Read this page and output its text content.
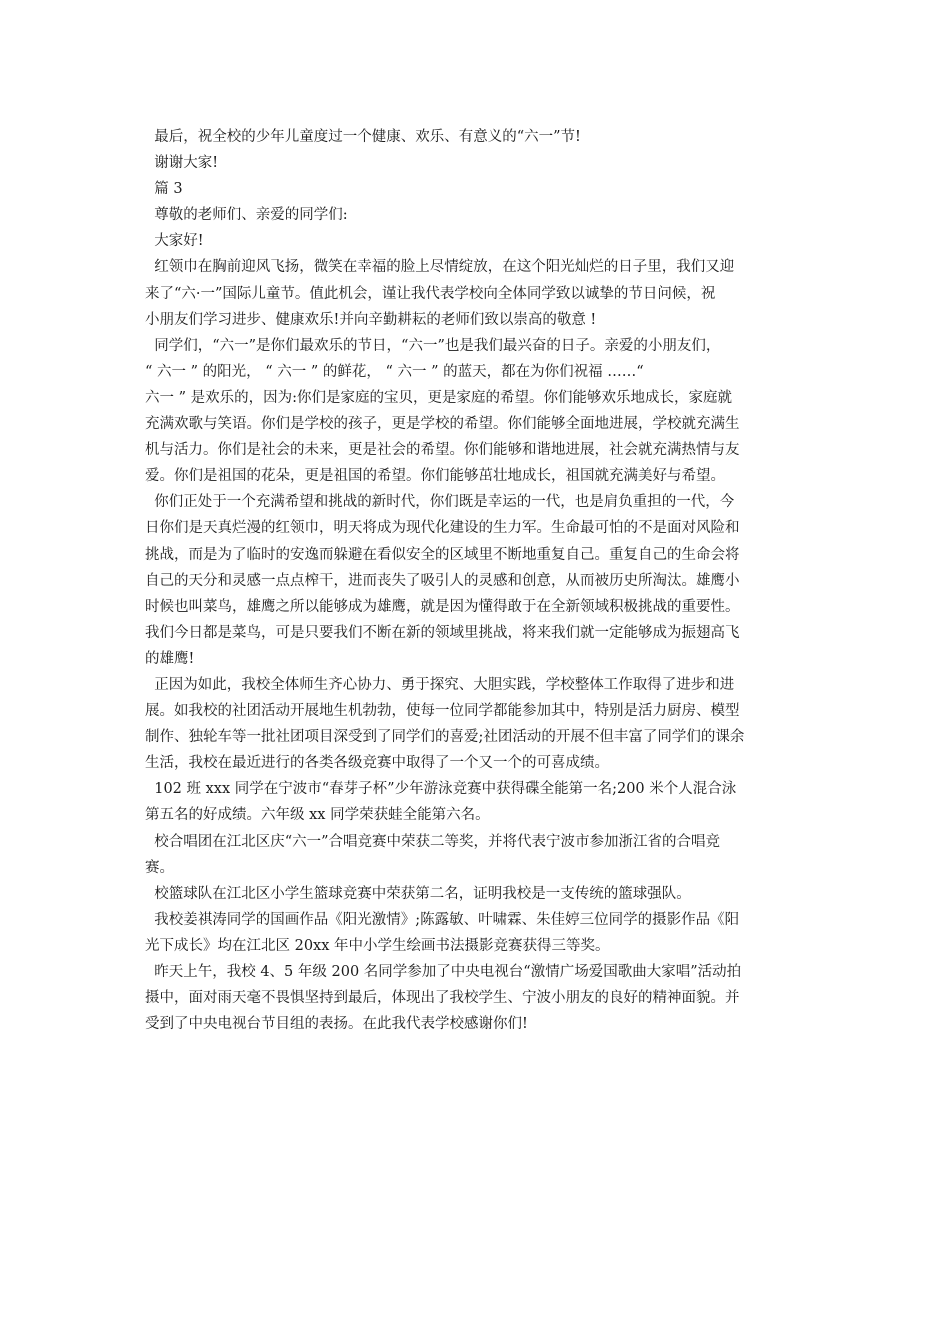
最后，祝全校的少年儿童度过一个健康、欢乐、有意义的“六一”节!
谢谢大家!
篇 3
尊敬的老师们、亲爱的同学们:
大家好!
红领巾在胸前迎风飞扬，微笑在幸福的脸上尽情绽放，在这个阳光灿烂的日子里，我们又迎
来了“六·一”国际儿童节。值此机会，谨让我代表学校向全体同学致以诚挚的节日问候，祝
小朋友们学习进步、健康欢乐!并向辛勤耕耘的老师们致以崇高的敬意 !
同学们，“六一”是你们最欢乐的节日，“六一”也是我们最兴奋的日子。亲爱的小朋友们，
“ 六一 ” 的阳光， “ 六一 ” 的鲜花， “ 六一 ” 的蓝天，都在为你们祝福 ……“
六一 ” 是欢乐的，因为:你们是家庭的宝贝，更是家庭的希望。你们能够欢乐地成长，家庭就
充满欢歌与笑语。你们是学校的孩子，更是学校的希望。你们能够全面地进展，学校就充满生
机与活力。你们是社会的未来，更是社会的希望。你们能够和谐地进展，社会就充满热情与友
爱。你们是祖国的花朵，更是祖国的希望。你们能够茁壮地成长，祖国就充满美好与希望。
你们正处于一个充满希望和挑战的新时代，你们既是幸运的一代，也是肩负重担的一代，今
日你们是天真烂漫的红领巾，明天将成为现代化建设的生力军。生命最可怕的不是面对风险和
挑战，而是为了临时的安逸而躲避在看似安全的区域里不断地重复自己。重复自己的生命会将
自己的天分和灵感一点点榨干，进而丧失了吸引人的灵感和创意，从而被历史所淘汰。雄鹰小
时候也叫菜鸟，雄鹰之所以能够成为雄鹰，就是因为懂得敢于在全新领域积极挑战的重要性。
我们今日都是菜鸟，可是只要我们不断在新的领域里挑战，将来我们就一定能够成为振翅高飞
的雄鹰!
正因为如此，我校全体师生齐心协力、勇于探究、大胆实践，学校整体工作取得了进步和进
展。如我校的社团活动开展地生机勃勃，使每一位同学都能参加其中，特别是活力厨房、模型
制作、独轮车等一批社团项目深受到了同学们的喜爱;社团活动的开展不但丰富了同学们的课余
生活，我校在最近进行的各类各级竞赛中取得了一个又一个的可喜成绩。
102 班 xxx 同学在宁波市“春芽子杯”少年游泳竞赛中获得碟全能第一名;200 米个人混合泳
第五名的好成绩。六年级 xx 同学荣获蛙全能第六名。
校合唱团在江北区庆“六一”合唱竞赛中荣获二等奖，并将代表宁波市参加浙江省的合唱竞
赛。
校篮球队在江北区小学生篮球竞赛中荣获第二名，证明我校是一支传统的篮球强队。
我校姜祺涛同学的国画作品《阳光激情》;陈露敏、叶啸霖、朱佳婷三位同学的摄影作品《阳
光下成长》均在江北区 20xx 年中小学生绘画书法摄影竞赛获得三等奖。
昨天上午，我校 4、5 年级 200 名同学参加了中央电视台“激情广场爱国歌曲大家唱”活动拍
摄中，面对雨天毫不畏惧坚持到最后，体现出了我校学生、宁波小朋友的良好的精神面貌。并
受到了中央电视台节目组的表扬。在此我代表学校感谢你们!
